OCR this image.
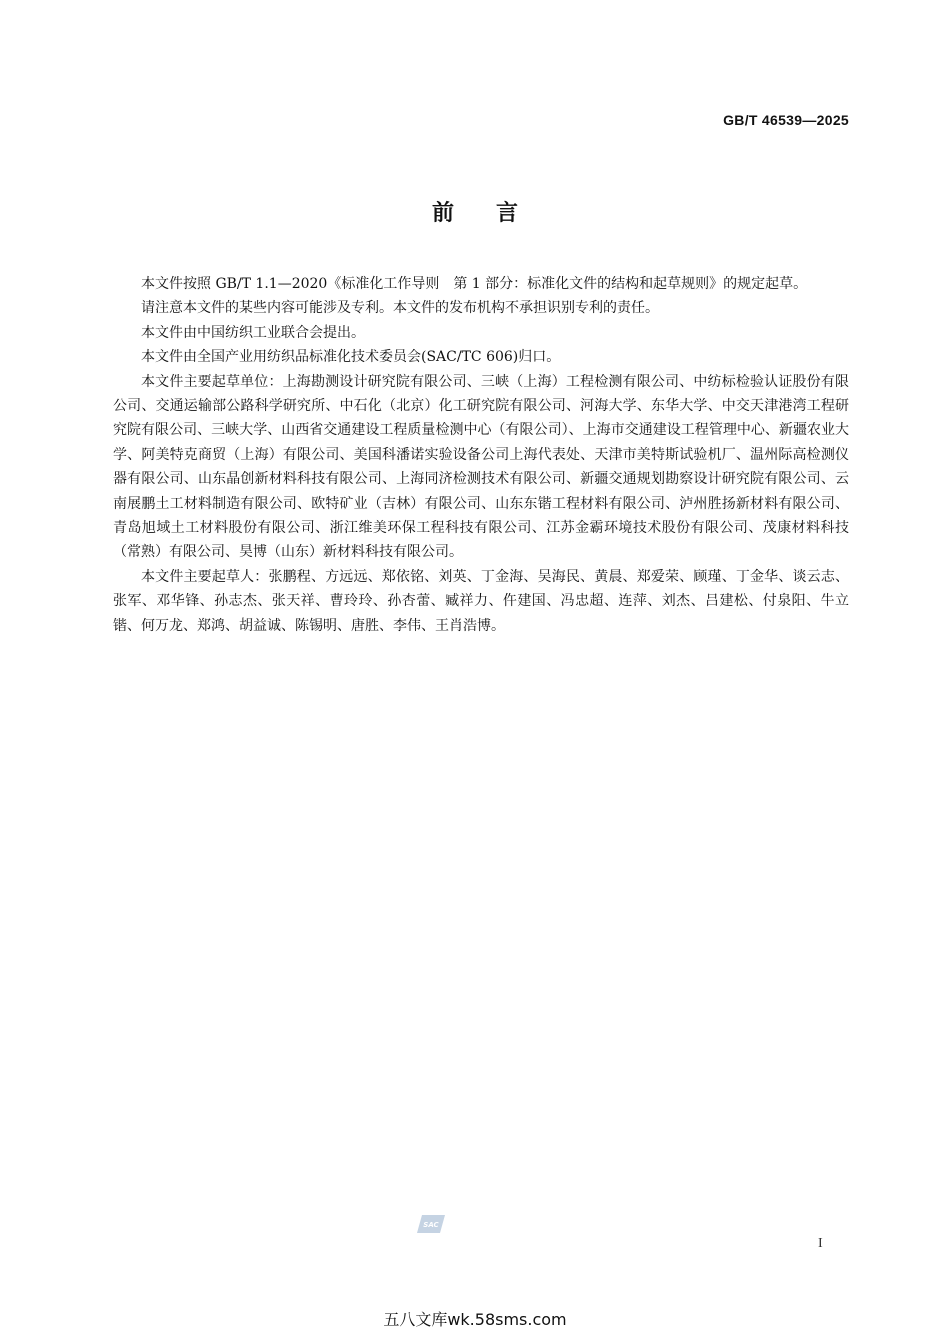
GB/T 46539—2025
前言

本文件按照 GB/T 1.1—2020《标准化工作导则　第 1 部分：标准化文件的结构和起草规则》的规定起草。

请注意本文件的某些内容可能涉及专利。本文件的发布机构不承担识别专利的责任。

本文件由中国纺织工业联合会提出。

本文件由全国产业用纺织品标准化技术委员会(SAC/TC 606)归口。

本文件主要起草单位：上海勘测设计研究院有限公司、三峡（上海）工程检测有限公司、中纺标检验认证股份有限公司、交通运输部公路科学研究所、中石化（北京）化工研究院有限公司、河海大学、东华大学、中交天津港湾工程研究院有限公司、三峡大学、山西省交通建设工程质量检测中心（有限公司）、上海市交通建设工程管理中心、新疆农业大学、阿美特克商贸（上海）有限公司、美国科潘诺实验设备公司上海代表处、天津市美特斯试验机厂、温州际高检测仪器有限公司、山东晶创新材料科技有限公司、上海同济检测技术有限公司、新疆交通规划勘察设计研究院有限公司、云南展鹏土工材料制造有限公司、欧特矿业（吉林）有限公司、山东东锴工程材料有限公司、泸州胜扬新材料有限公司、青岛旭域土工材料股份有限公司、浙江维美环保工程科技有限公司、江苏金霸环境技术股份有限公司、茂康材料科技（常熟）有限公司、昊博（山东）新材料科技有限公司。

本文件主要起草人：张鹏程、方远远、郑依铭、刘英、丁金海、吴海民、黄晨、郑爱荣、顾瑾、丁金华、谈云志、张军、邓华锋、孙志杰、张天祥、曹玲玲、孙杏蕾、臧祥力、仵建国、冯忠超、连萍、刘杰、吕建松、付泉阳、牛立锴、何万龙、郑鸿、胡益诚、陈锡明、唐胜、李伟、王肖浩博。

SAC
I
五八文库wk.58sms.com
